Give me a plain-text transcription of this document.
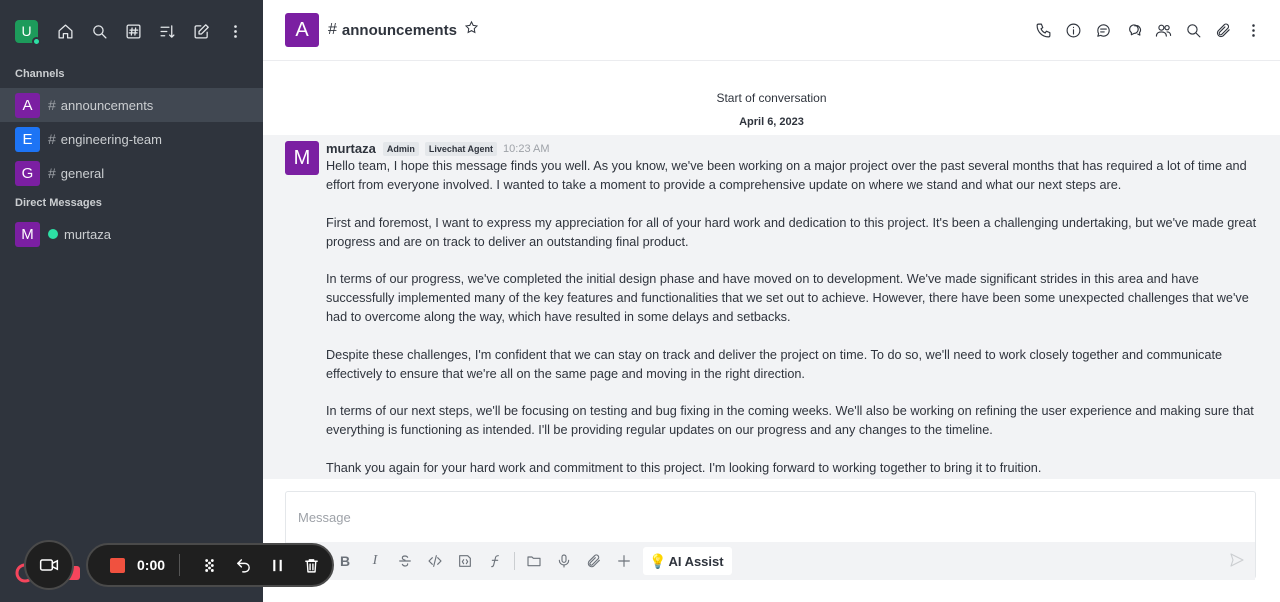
U
Channels
A	# announcements
E	# engineering-team
G	# general
Direct Messages
M	murtaza
0:00
A	# announcements
Start of conversation
April 6, 2023
M	murtaza	Admin	Livechat Agent 10:23 AM

Hello team, I hope this message finds you well. As you know, we've been working on a major project over the past several months that has required a lot of time and effort from everyone involved. I wanted to take a moment to provide a comprehensive update on where we stand and what our next steps are.

First and foremost, I want to express my appreciation for all of your hard work and dedication to this project. It's been a challenging undertaking, but we've made great progress and are on track to deliver an outstanding final product.

In terms of our progress, we've completed the initial design phase and have moved on to development. We've made significant strides in this area and have successfully implemented many of the key features and functionalities that we set out to achieve. However, there have been some unexpected challenges that we've had to overcome along the way, which have resulted in some delays and setbacks.

Despite these challenges, I'm confident that we can stay on track and deliver the project on time. To do so, we'll need to work closely together and communicate effectively to ensure that we're all on the same page and moving in the right direction.

In terms of our next steps, we'll be focusing on testing and bug fixing in the coming weeks. We'll also be working on refining the user experience and making sure that everything is functioning as intended. I'll be providing regular updates on our progress and any changes to the timeline.

Thank you again for your hard work and commitment to this project. I'm looking forward to working together to bring it to fruition.

Message
B I	💡 AI Assist
